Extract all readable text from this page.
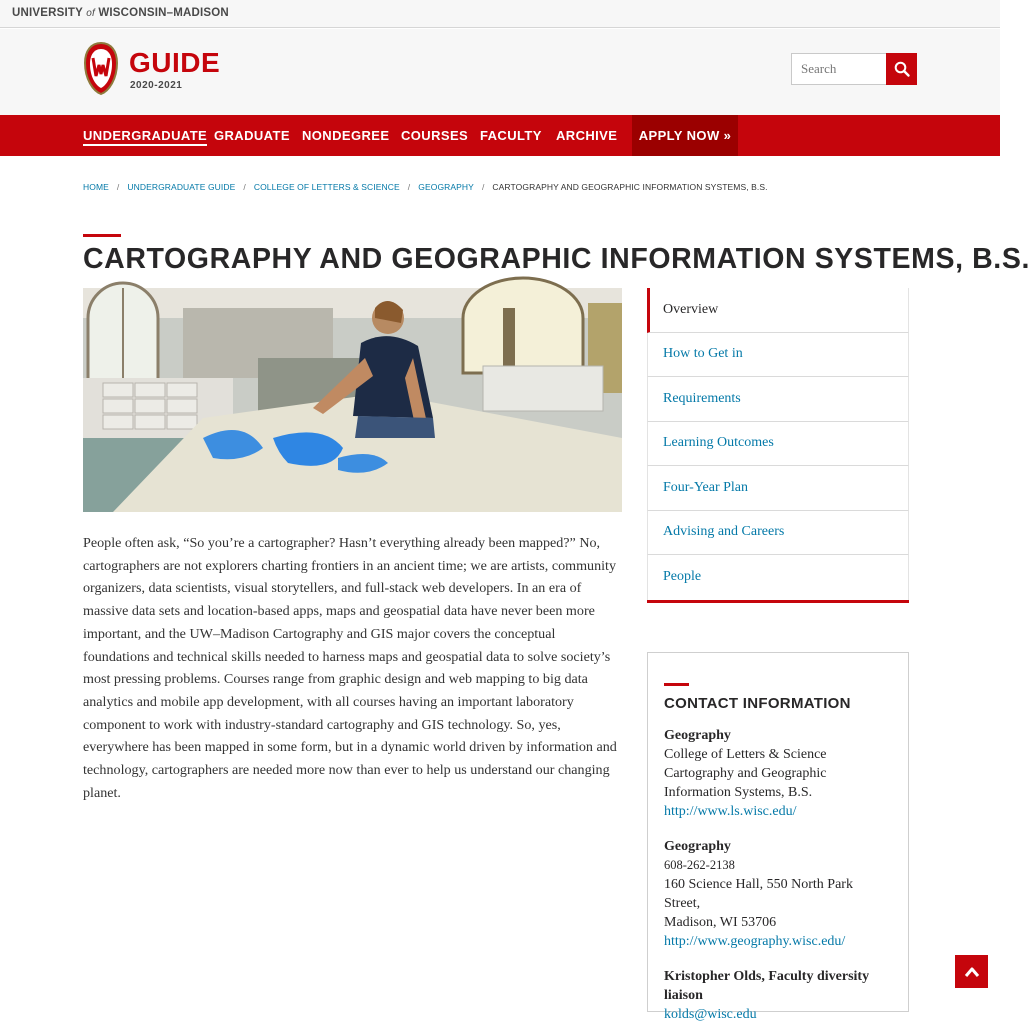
UNIVERSITY of WISCONSIN–MADISON
GUIDE
2020-2021
Search
UNDERGRADUATE GRADUATE NONDEGREE COURSES FACULTY ARCHIVE	APPLY NOW »
HOME / UNDERGRADUATE GUIDE / COLLEGE OF LETTERS & SCIENCE / GEOGRAPHY / CARTOGRAPHY AND GEOGRAPHIC INFORMATION SYSTEMS, B.S.
CARTOGRAPHY AND GEOGRAPHIC INFORMATION SYSTEMS, B.S.

People often ask, “So you’re a cartographer? Hasn’t everything already been mapped?” No, cartographers are not explorers charting frontiers in an ancient time; we are artists, community organizers, data scientists, visual storytellers, and full-stack web developers. In an era of massive data sets and location-based apps, maps and geospatial data have never been more important, and the UW–Madison Cartography and GIS major covers the conceptual foundations and technical skills needed to harness maps and geospatial data to solve society’s most pressing problems. Courses range from graphic design and web mapping to big data analytics and mobile app development, with all courses having an important laboratory component to work with industry-standard cartography and GIS technology. So, yes, everywhere has been mapped in some form, but in a dynamic world driven by information and technology, cartographers are needed more now than ever to help us understand our changing planet.

Overview
How to Get in
Requirements
Learning Outcomes
Four-Year Plan
Advising and Careers
People
CONTACT INFORMATION
Geography
College of Letters & Science
Cartography and Geographic Information Systems, B.S.
http://www.ls.wisc.edu/
Geography
608-262-2138
160 Science Hall, 550 North Park Street,
Madison, WI 53706
http://www.geography.wisc.edu/
Kristopher Olds, Faculty diversity liaison
kolds@wisc.edu
